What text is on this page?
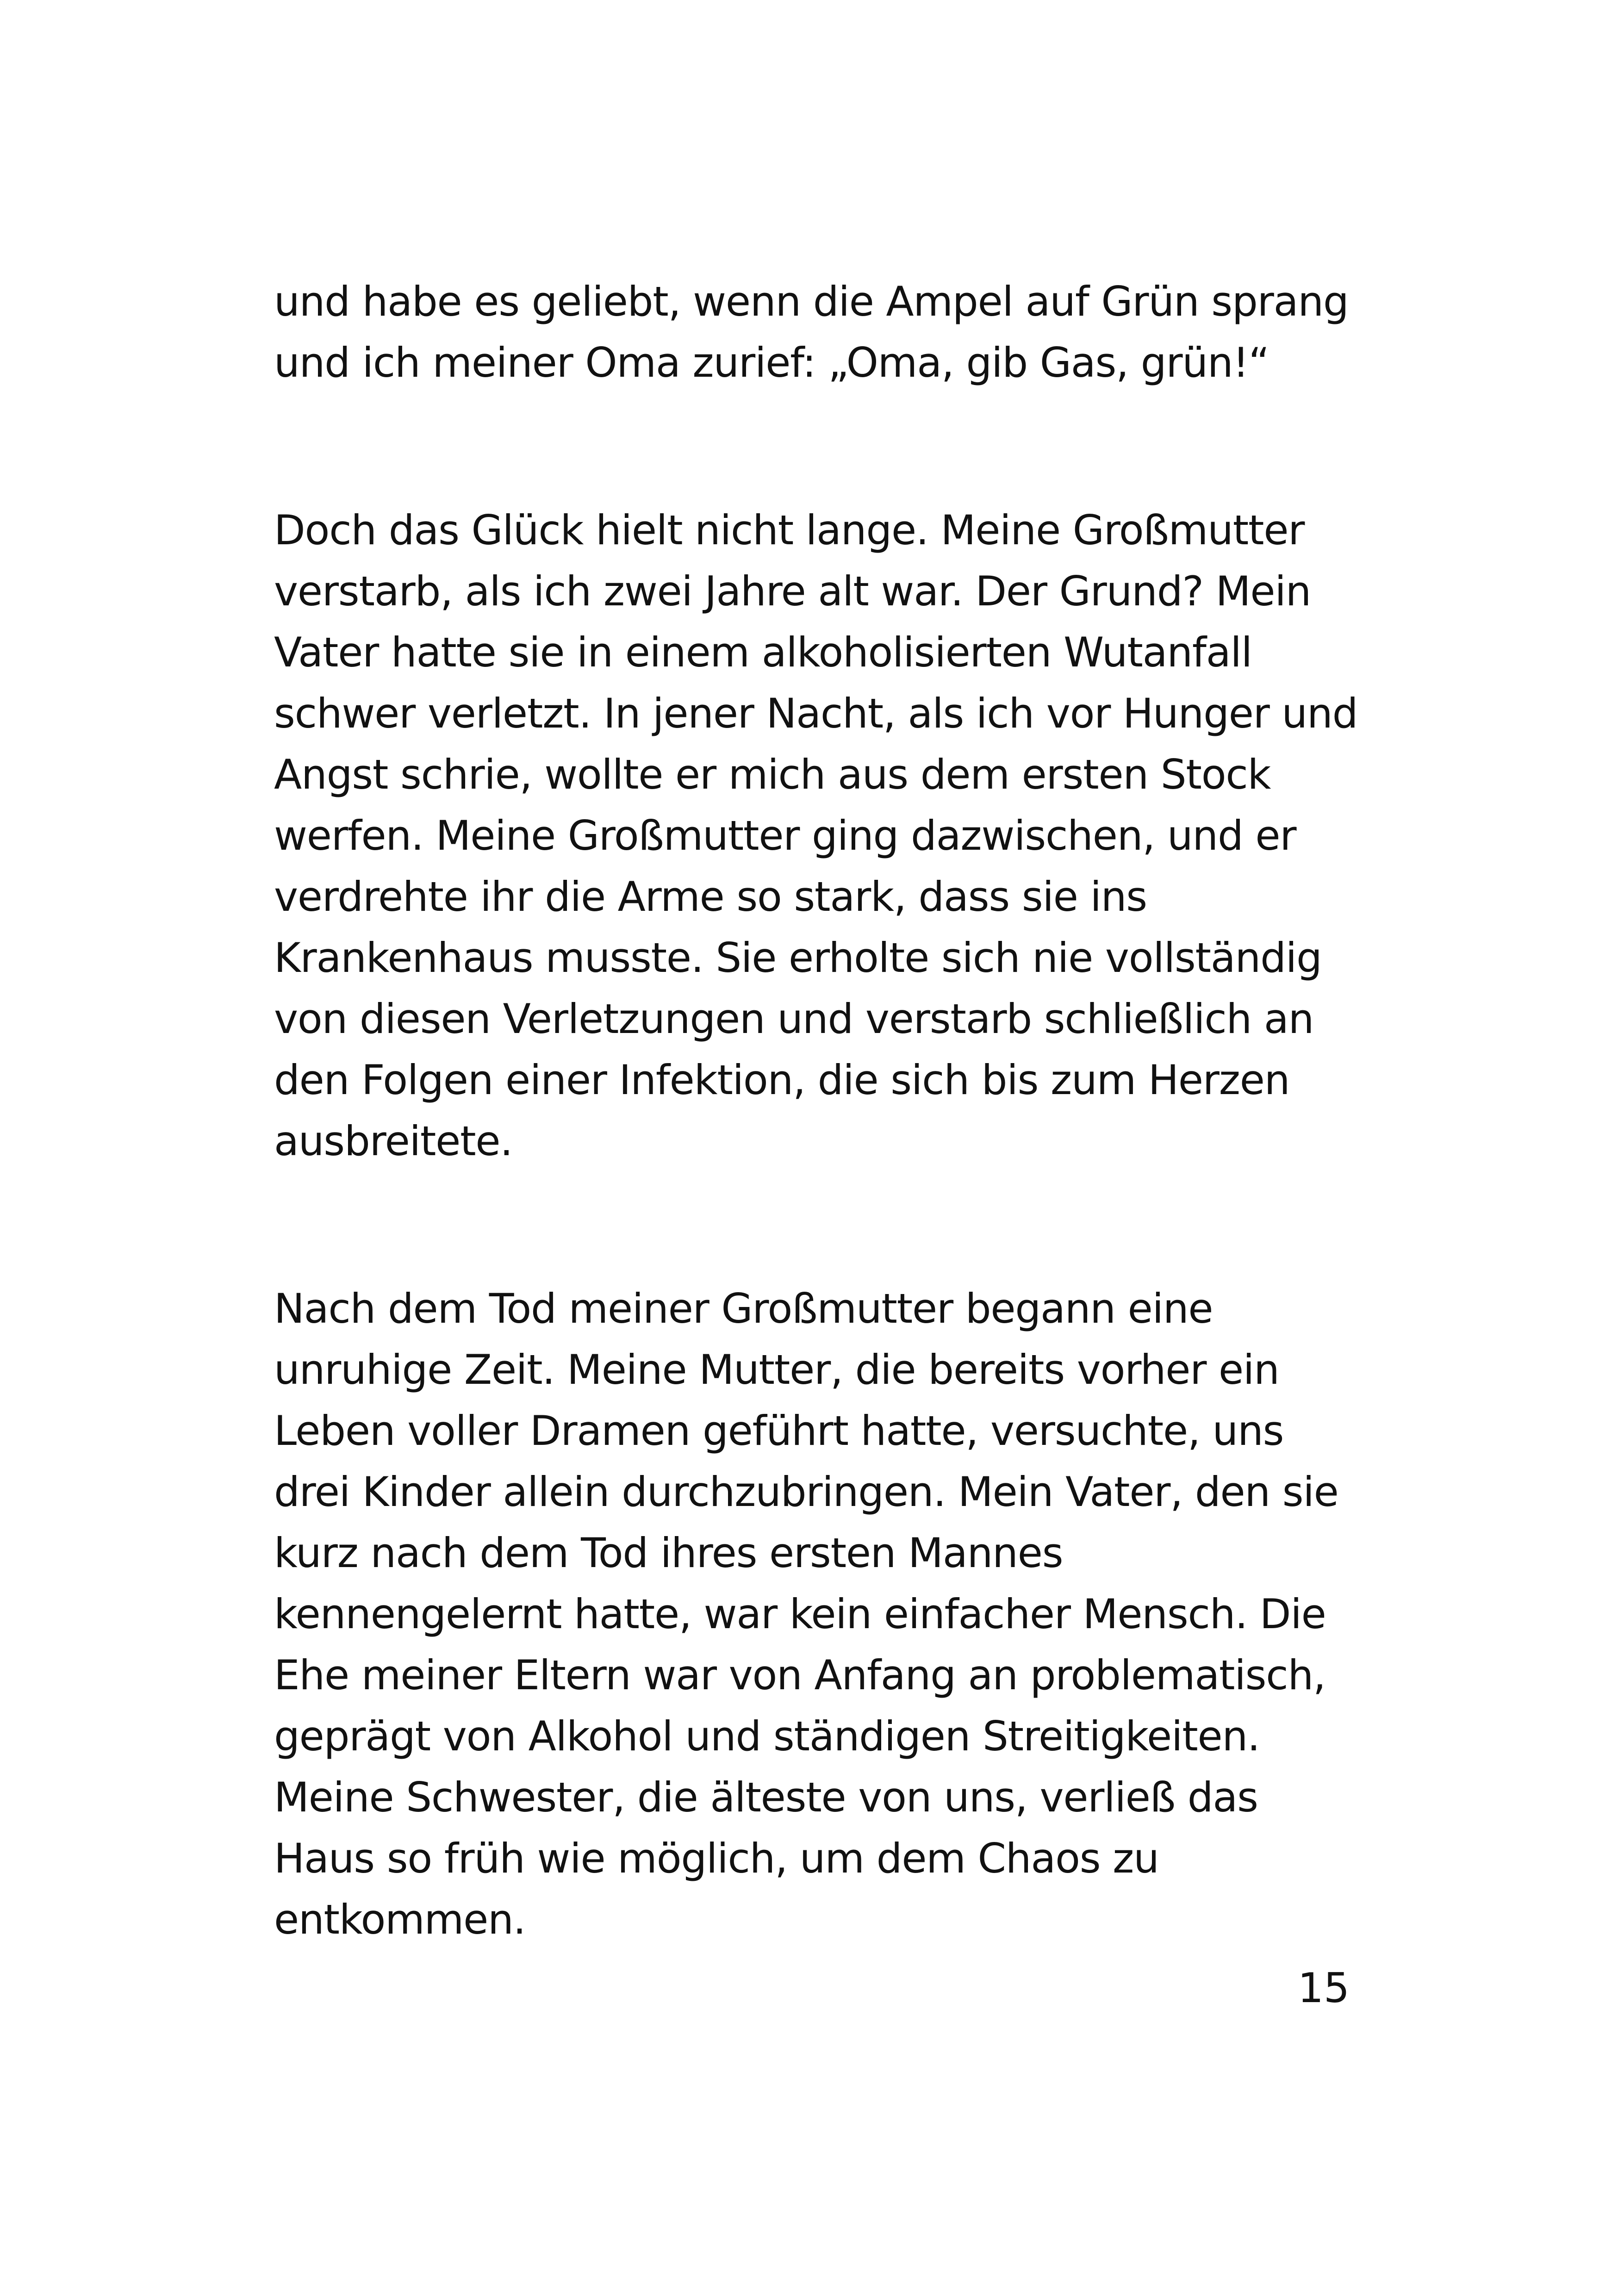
und habe es geliebt, wenn die Ampel auf Grün sprang

und ich meiner Oma zurief: „Oma, gib Gas, grün!“

Doch das Glück hielt nicht lange. Meine Großmutter

verstarb, als ich zwei Jahre alt war. Der Grund? Mein

Vater hatte sie in einem alkoholisierten Wutanfall

schwer verletzt. In jener Nacht, als ich vor Hunger und

Angst schrie, wollte er mich aus dem ersten Stock

werfen. Meine Großmutter ging dazwischen, und er

verdrehte ihr die Arme so stark, dass sie ins

Krankenhaus musste. Sie erholte sich nie vollständig

von diesen Verletzungen und verstarb schließlich an

den Folgen einer Infektion, die sich bis zum Herzen

ausbreitete.

Nach dem Tod meiner Großmutter begann eine

unruhige Zeit. Meine Mutter, die bereits vorher ein

Leben voller Dramen geführt hatte, versuchte, uns

drei Kinder allein durchzubringen. Mein Vater, den sie

kurz nach dem Tod ihres ersten Mannes

kennengelernt hatte, war kein einfacher Mensch. Die

Ehe meiner Eltern war von Anfang an problematisch,

geprägt von Alkohol und ständigen Streitigkeiten.

Meine Schwester, die älteste von uns, verließ das

Haus so früh wie möglich, um dem Chaos zu

entkommen.

15
